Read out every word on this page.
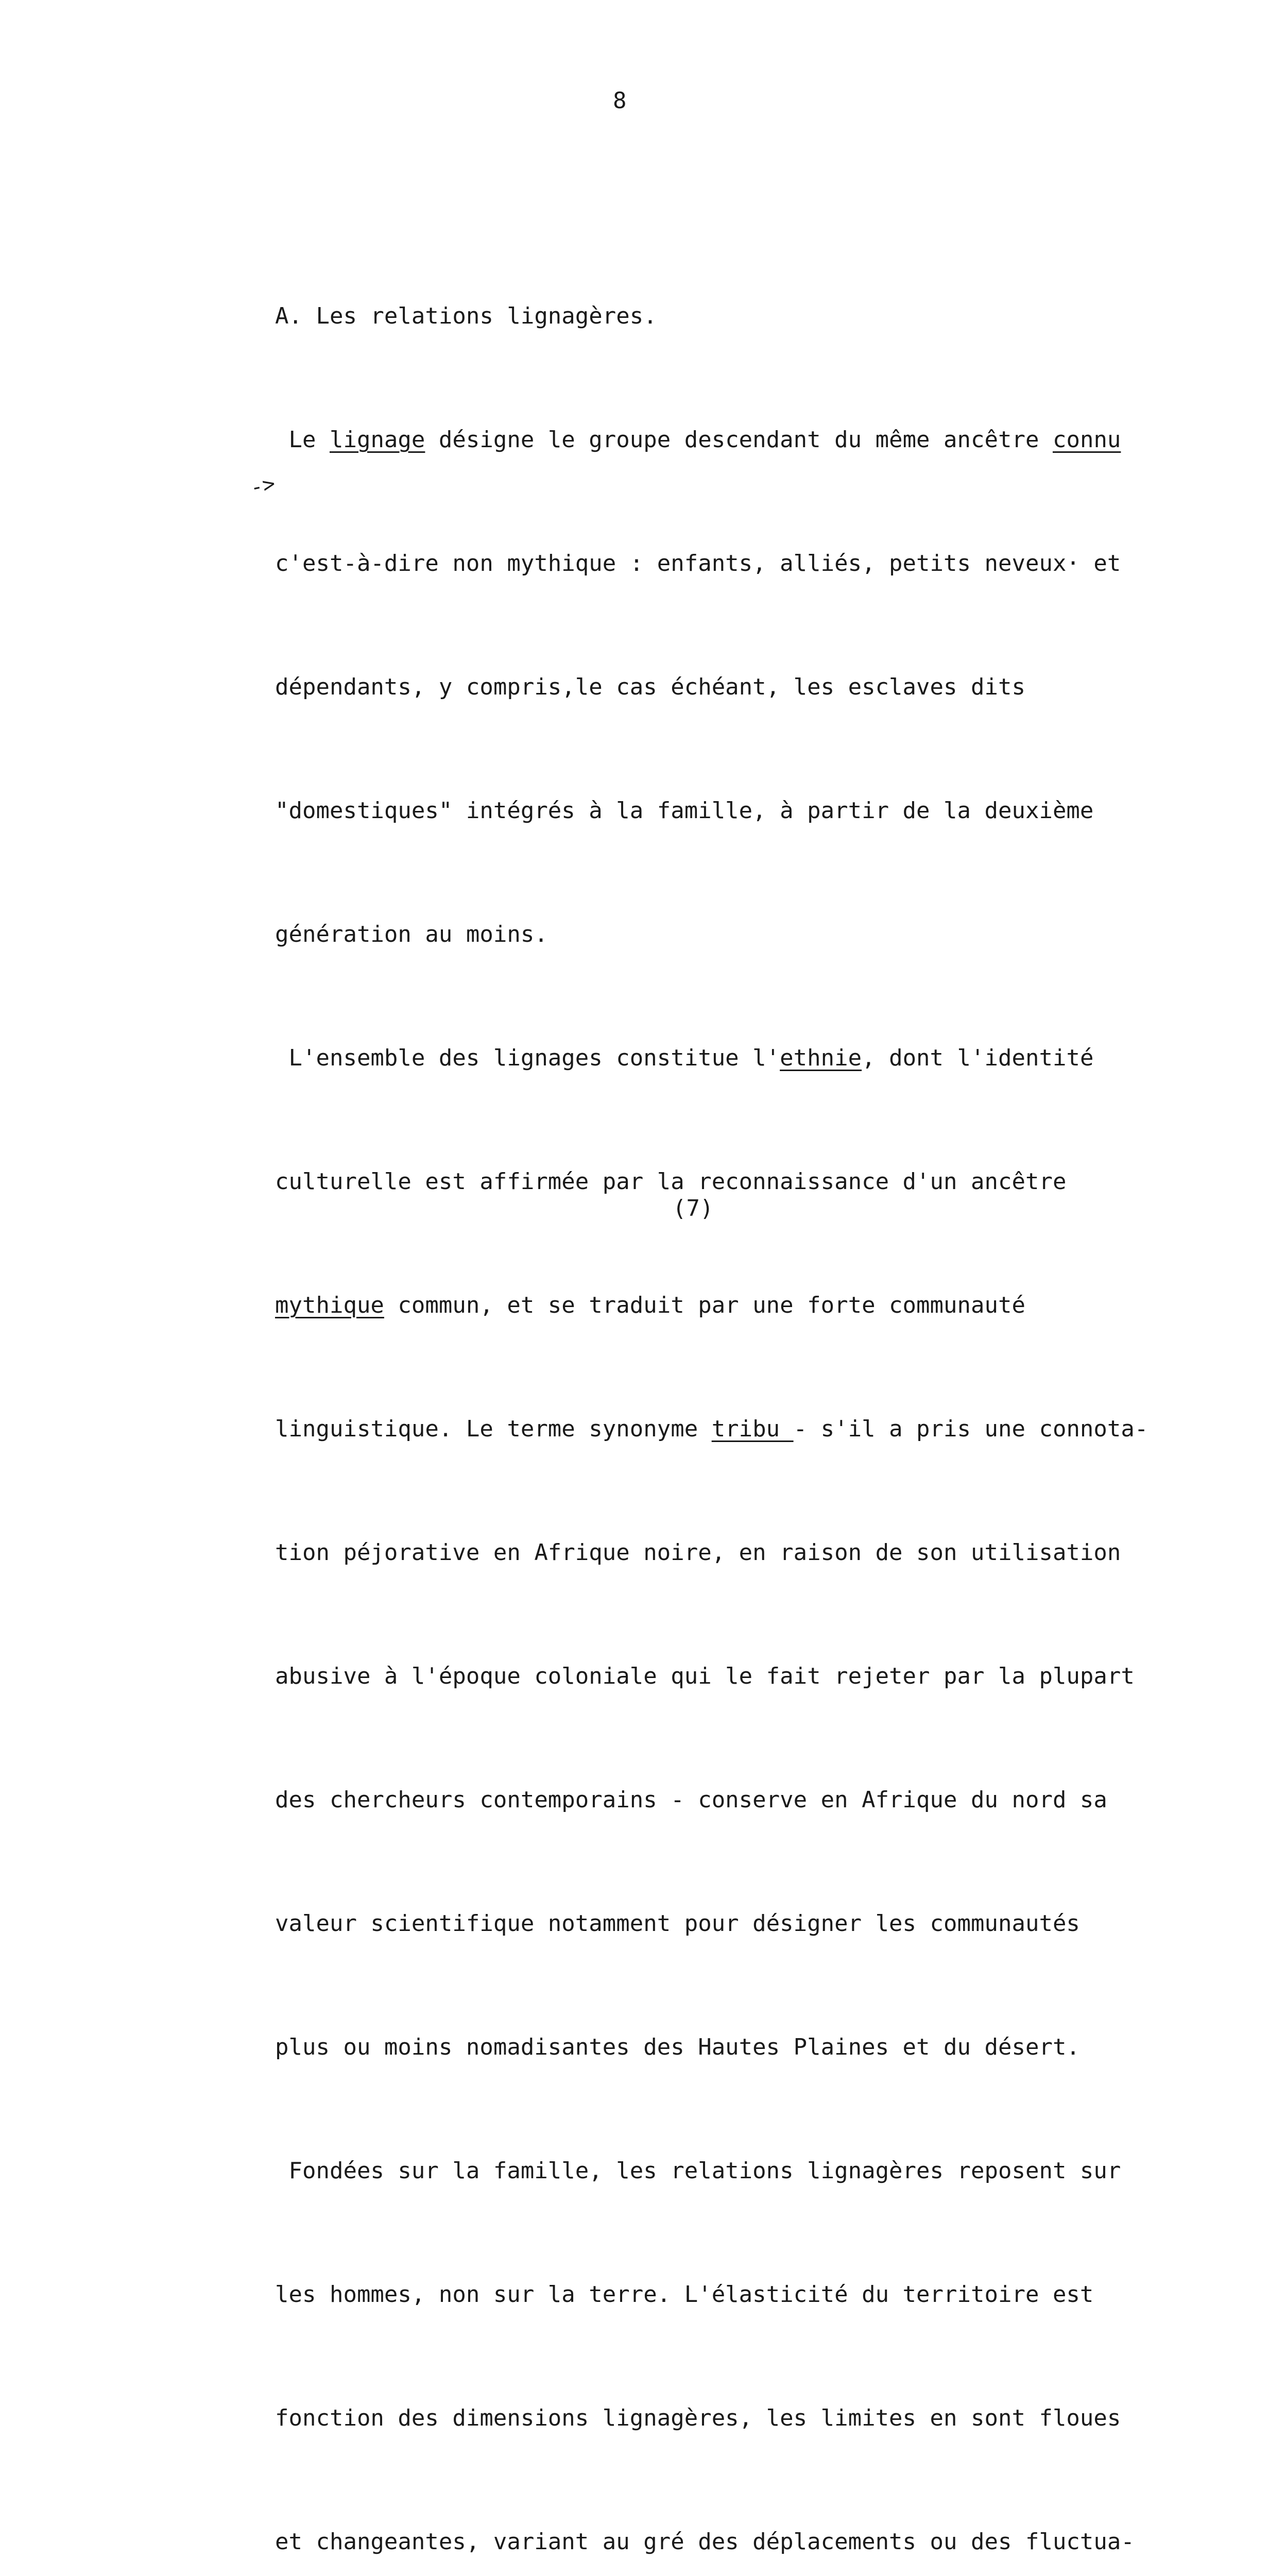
8
->

A. Les relations lignagères.

Le lignage désigne le groupe descendant du même ancêtre connu

c'est-à-dire non mythique : enfants, alliés, petits neveux· et

dépendants, y compris,le cas échéant, les esclaves dits

"domestiques" intégrés à la famille, à partir de la deuxième

génération au moins.

L'ensemble des lignages constitue l'ethnie, dont l'identité

culturelle est affirmée par la reconnaissance d'un ancêtre

mythique commun, et se traduit par une forte communauté

linguistique. Le terme synonyme tribu - s'il a pris une connota-

tion péjorative en Afrique noire, en raison de son utilisation

abusive à l'époque coloniale qui le fait rejeter par la plupart

des chercheurs contemporains - conserve en Afrique du nord sa

valeur scientifique notamment pour désigner les communautés

plus ou moins nomadisantes des Hautes Plaines et du désert.

Fondées sur la famille, les relations lignagères reposent sur

les hommes, non sur la terre. L'élasticité du territoire est

fonction des dimensions lignagères, les limites en sont floues

et changeantes, variant au gré des déplacements ou des fluctua-

(7)
